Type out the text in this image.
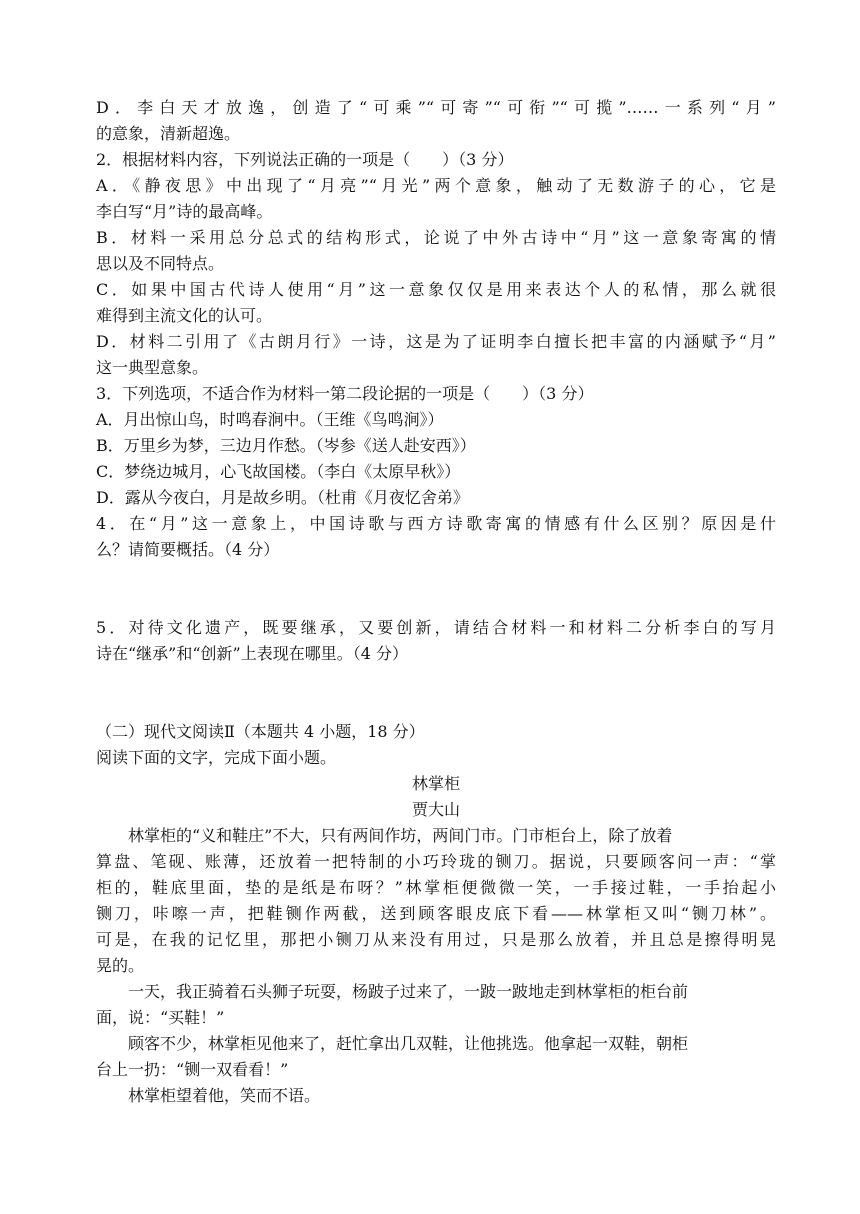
D．李白天才放逸，创造了“可乘”“可寄”“可衔”“可揽”……一系列“月”
的意象，清新超逸。
2．根据材料内容，下列说法正确的一项是（　　）（3 分）
A．《静夜思》中出现了“月亮”“月光”两个意象，触动了无数游子的心，它是
李白写“月”诗的最高峰。
B．材料一采用总分总式的结构形式，论说了中外古诗中“月”这一意象寄寓的情
思以及不同特点。
C．如果中国古代诗人使用“月”这一意象仅仅是用来表达个人的私情，那么就很
难得到主流文化的认可。
D．材料二引用了《古朗月行》一诗，这是为了证明李白擅长把丰富的内涵赋予“月”
这一典型意象。
3．下列选项，不适合作为材料一第二段论据的一项是（　　）（3 分）
A．月出惊山鸟，时鸣春涧中。（王维《鸟鸣涧》）
B．万里乡为梦，三边月作愁。（岑参《送人赴安西》）
C．梦绕边城月，心飞故国楼。（李白《太原早秋》）
D．露从今夜白，月是故乡明。（杜甫《月夜忆舍弟》
4．在“月”这一意象上，中国诗歌与西方诗歌寄寓的情感有什么区别？原因是什
么？请简要概括。（4 分）
5．对待文化遗产，既要继承，又要创新，请结合材料一和材料二分析李白的写月
诗在“继承”和“创新”上表现在哪里。（4 分）
（二）现代文阅读Ⅱ（本题共 4 小题，18 分）
阅读下面的文字，完成下面小题。
林掌柜
贾大山
林掌柜的“义和鞋庄”不大，只有两间作坊，两间门市。门市柜台上，除了放着
算盘、笔砚、账薄，还放着一把特制的小巧玲珑的铡刀。据说，只要顾客问一声：“掌
柜的，鞋底里面，垫的是纸是布呀？”林掌柜便微微一笑，一手接过鞋，一手抬起小
铡刀，咔嚓一声，把鞋铡作两截，送到顾客眼皮底下看——林掌柜又叫“铡刀林”。
可是，在我的记忆里，那把小铡刀从来没有用过，只是那么放着，并且总是擦得明晃
晃的。
一天，我正骑着石头狮子玩耍，杨跛子过来了，一跛一跛地走到林掌柜的柜台前
面，说：“买鞋！”
顾客不少，林掌柜见他来了，赶忙拿出几双鞋，让他挑选。他拿起一双鞋，朝柜
台上一扔：“铡一双看看！”
林掌柜望着他，笑而不语。
